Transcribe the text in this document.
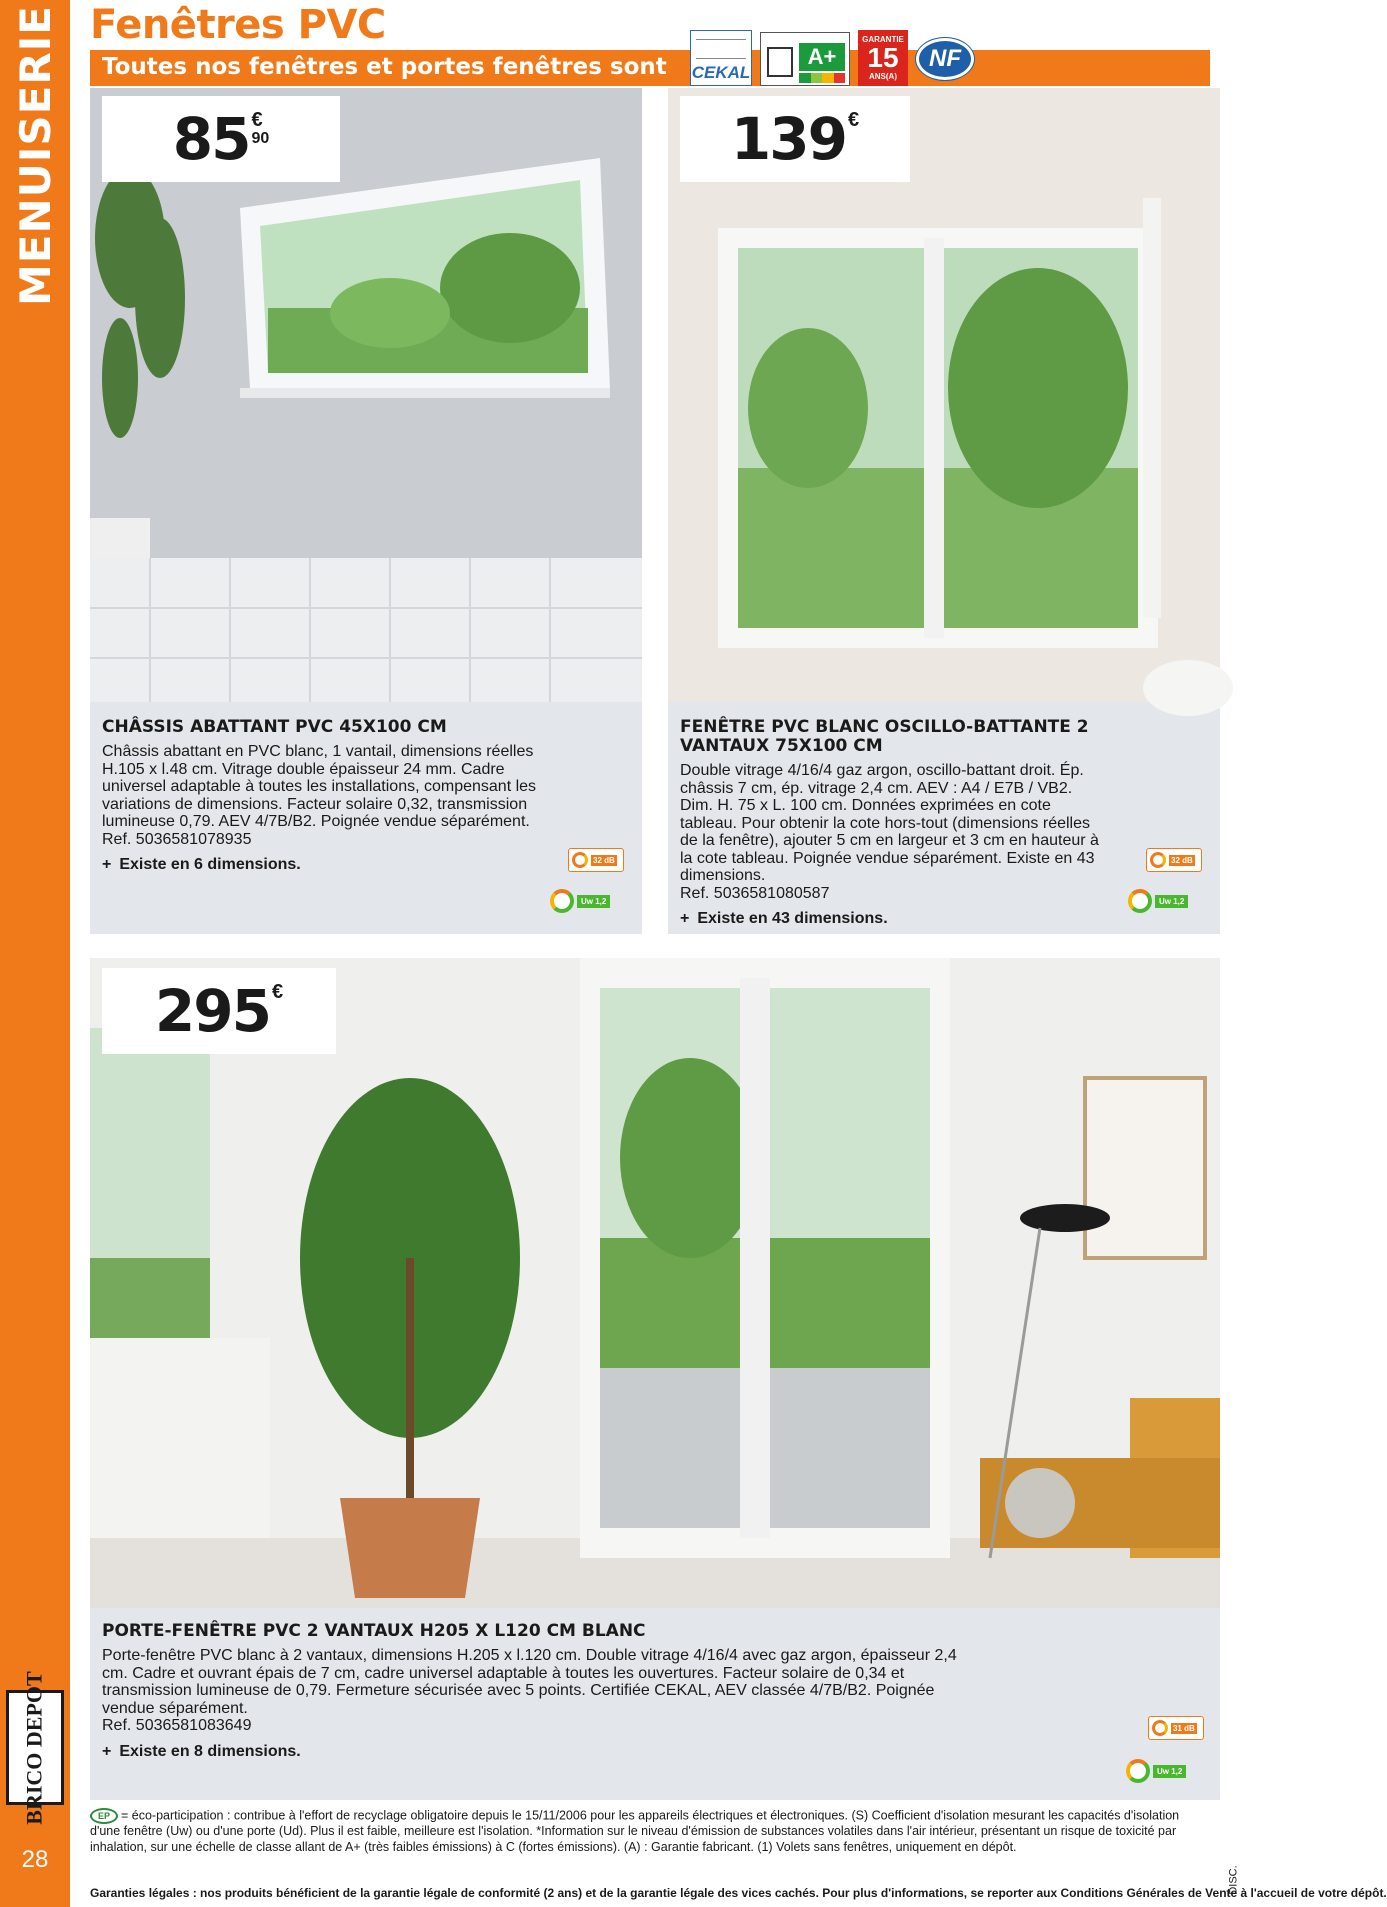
MENUISERIE
BRICO DEPOT
28
Fenêtres PVC
Toutes nos fenêtres et portes fenêtres sont CEKAL
A+
GARANTIE
15
ANS(A)
NF
85 €
90
CHÂSSIS ABATTANT PVC 45X100 CM
Châssis abattant en PVC blanc, 1 vantail, dimensions réelles H.105 x l.48 cm. Vitrage double épaisseur 24 mm. Cadre universel adaptable à toutes les installations, compensant les variations de dimensions. Facteur solaire 0,32, transmission lumineuse 0,79. AEV 4/7B/B2. Poignée vendue séparément.
Ref. 5036581078935
+ Existe en 6 dimensions.	32 dB
Uw 1,2
139 €
FENÊTRE PVC BLANC OSCILLO-BATTANTE 2 VANTAUX 75X100 CM
Double vitrage 4/16/4 gaz argon, oscillo-battant droit. Ép. châssis 7 cm, ép. vitrage 2,4 cm. AEV : A4 / E7B / VB2. Dim. H. 75 x L. 100 cm. Données exprimées en cote tableau. Pour obtenir la cote hors-tout (dimensions réelles de la fenêtre), ajouter 5 cm en largeur et 3 cm en hauteur à la cote tableau. Poignée vendue séparément. Existe en 43 dimensions.
Ref. 5036581080587
+ Existe en 43 dimensions.
32 dB
Uw 1,2
295 €
PORTE-FENÊTRE PVC 2 VANTAUX H205 X L120 CM BLANC
Porte-fenêtre PVC blanc à 2 vantaux, dimensions H.205 x l.120 cm. Double vitrage 4/16/4 avec gaz argon, épaisseur 2,4 cm. Cadre et ouvrant épais de 7 cm, cadre universel adaptable à toutes les ouvertures. Facteur solaire de 0,34 et transmission lumineuse de 0,79. Fermeture sécurisée avec 5 points. Certifiée CEKAL, AEV classée 4/7B/B2. Poignée vendue séparément.
Ref. 5036581083649
+ Existe en 8 dimensions.
31 dB
Uw 1,2
EP = éco-participation : contribue à l'effort de recyclage obligatoire depuis le 15/11/2006 pour les appareils électriques et électroniques. (S) Coefficient d'isolation mesurant les capacités d'isolation d'une fenêtre (Uw) ou d'une porte (Ud). Plus il est faible, meilleure est l'isolation. *Information sur le niveau d'émission de substances volatiles dans l'air intérieur, présentant un risque de toxicité par inhalation, sur une échelle de classe allant de A+ (très faibles émissions) à C (fortes émissions). (A) : Garantie fabricant. (1) Volets sans fenêtres, uniquement en dépôt.
Garanties légales : nos produits bénéficient de la garantie légale de conformité (2 ans) et de la garantie légale des vices cachés. Pour plus d'informations, se reporter aux Conditions Générales de Vente à l'accueil de votre dépôt.
DISC.
